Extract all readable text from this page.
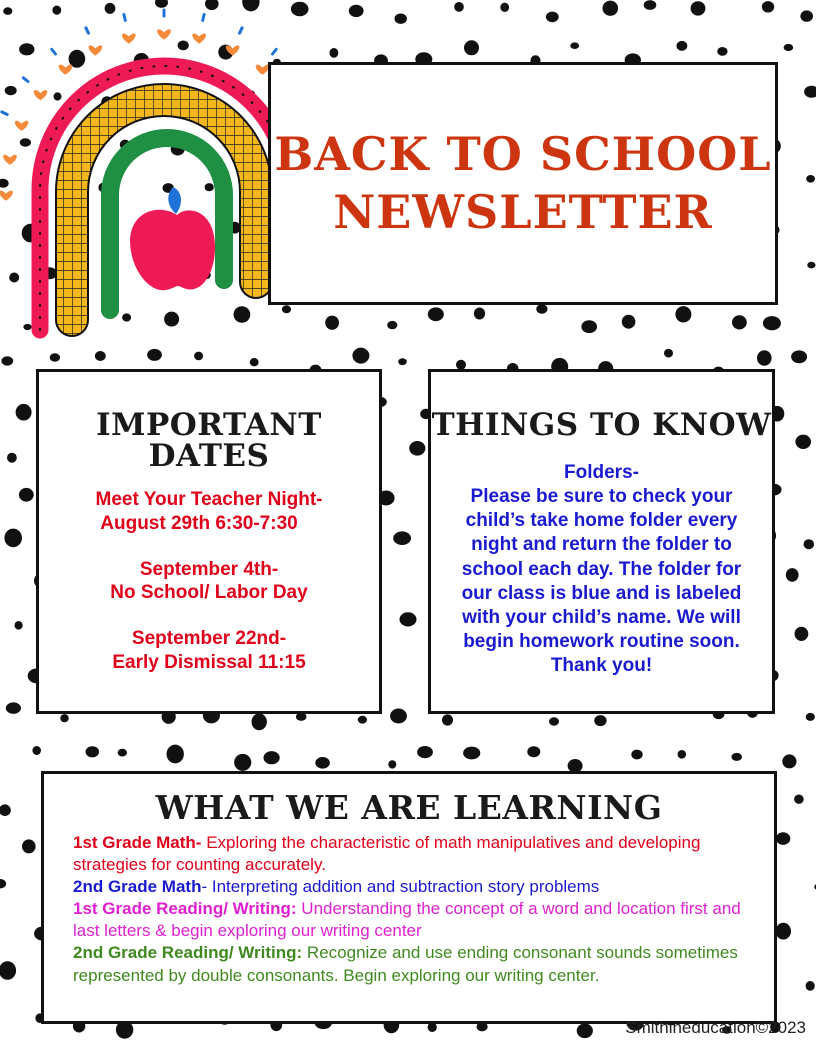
BACK TO SCHOOL
NEWSLETTER
IMPORTANT DATES
Meet Your Teacher Night-
August 29th 6:30-7:30
September 4th-
No School/ Labor Day
September 22nd-
Early Dismissal 11:15
THINGS TO KNOW
Folders-
Please be sure to check your child’s take home folder every night and return the folder to school each day. The folder for our class is blue and is labeled with your child’s name. We will begin homework routine soon. Thank you!
WHAT WE ARE LEARNING

1st Grade Math- Exploring the characteristic of math manipulatives and developing strategies for counting accurately.

2nd Grade Math- Interpreting addition and subtraction story problems

1st Grade Reading/ Writing: Understanding the concept of a word and location first and last letters & begin exploring our writing center

2nd Grade Reading/ Writing: Recognize and use ending consonant sounds sometimes represented by double consonants. Begin exploring our writing center.

Smithineducation©2023
